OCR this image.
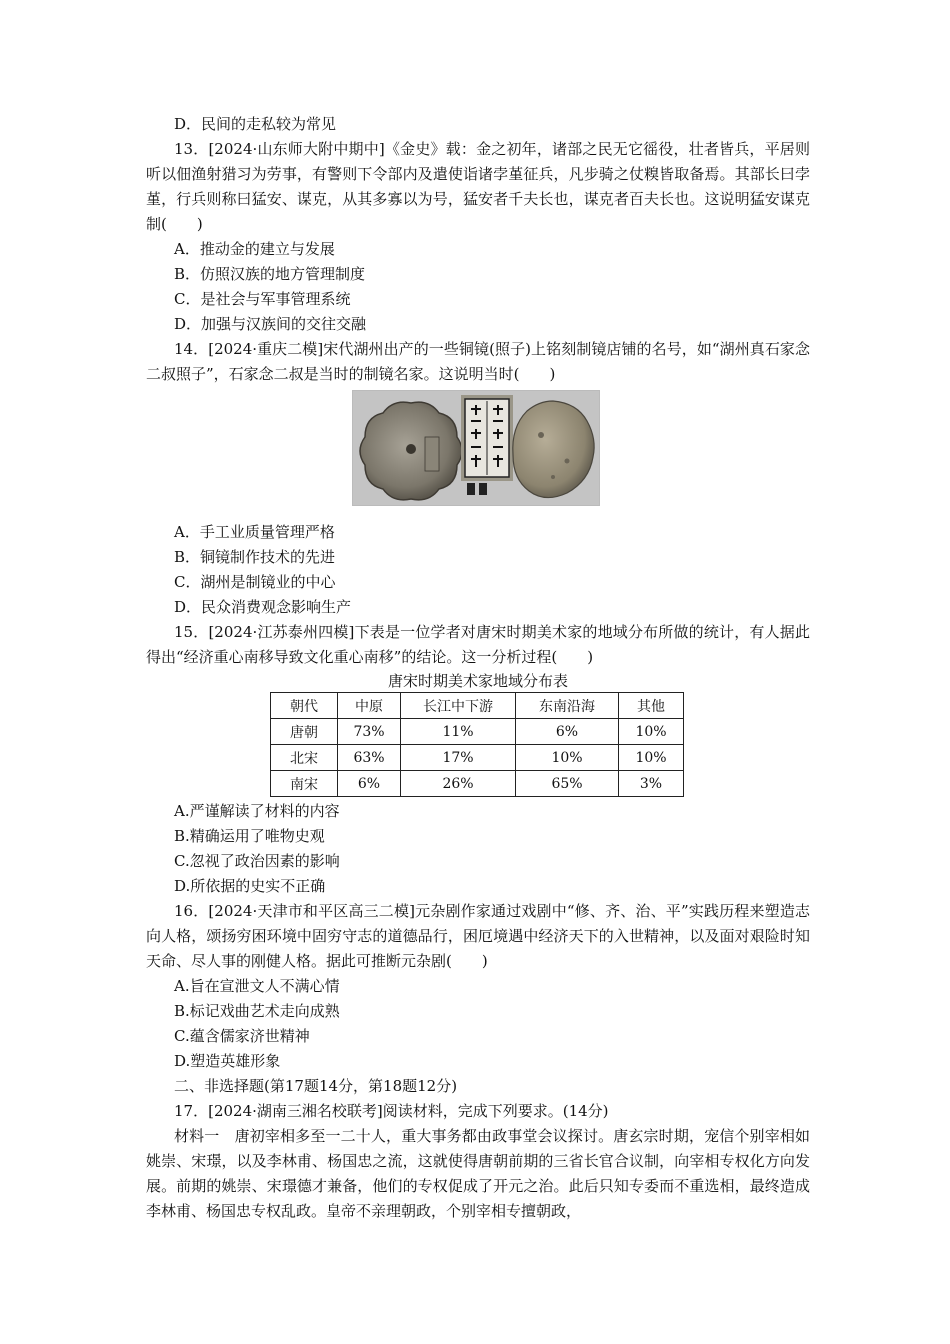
D．民间的走私较为常见
13．[2024·山东师大附中期中]《金史》载：金之初年，诸部之民无它徭役，壮者皆兵，平居则听以佃渔射猎习为劳事，有警则下令部内及遣使诣诸孛堇征兵，凡步骑之仗糗皆取备焉。其部长曰孛堇，行兵则称曰猛安、谋克，从其多寡以为号，猛安者千夫长也，谋克者百夫长也。这说明猛安谋克制(　　)
A．推动金的建立与发展
B．仿照汉族的地方管理制度
C．是社会与军事管理系统
D．加强与汉族间的交往交融
14．[2024·重庆二模]宋代湖州出产的一些铜镜(照子)上铭刻制镜店铺的名号，如“湖州真石家念二叔照子”，石家念二叔是当时的制镜名家。这说明当时(　　)
A．手工业质量管理严格
B．铜镜制作技术的先进
C．湖州是制镜业的中心
D．民众消费观念影响生产
15．[2024·江苏泰州四模]下表是一位学者对唐宋时期美术家的地域分布所做的统计，有人据此得出“经济重心南移导致文化重心南移”的结论。这一分析过程(　　)
唐宋时期美术家地域分布表
朝代	中原	长江中下游	东南沿海	其他
唐朝	73%	11%	6%	10%
北宋	63%	17%	10%	10%
南宋	6%	26%	65%	3%
A.严谨解读了材料的内容
B.精确运用了唯物史观
C.忽视了政治因素的影响
D.所依据的史实不正确
16．[2024·天津市和平区高三二模]元杂剧作家通过戏剧中“修、齐、治、平”实践历程来塑造志向人格，颂扬穷困环境中固穷守志的道德品行，困厄境遇中经济天下的入世精神，以及面对艰险时知天命、尽人事的刚健人格。据此可推断元杂剧(　　)
A.旨在宣泄文人不满心情
B.标记戏曲艺术走向成熟
C.蕴含儒家济世精神
D.塑造英雄形象
二、非选择题(第17题14分，第18题12分)
17．[2024·湖南三湘名校联考]阅读材料，完成下列要求。(14分)
材料一　唐初宰相多至一二十人，重大事务都由政事堂会议探讨。唐玄宗时期，宠信个别宰相如姚崇、宋璟，以及李林甫、杨国忠之流，这就使得唐朝前期的三省长官合议制，向宰相专权化方向发展。前期的姚崇、宋璟德才兼备，他们的专权促成了开元之治。此后只知专委而不重选相，最终造成李林甫、杨国忠专权乱政。皇帝不亲理朝政，个别宰相专擅朝政，
